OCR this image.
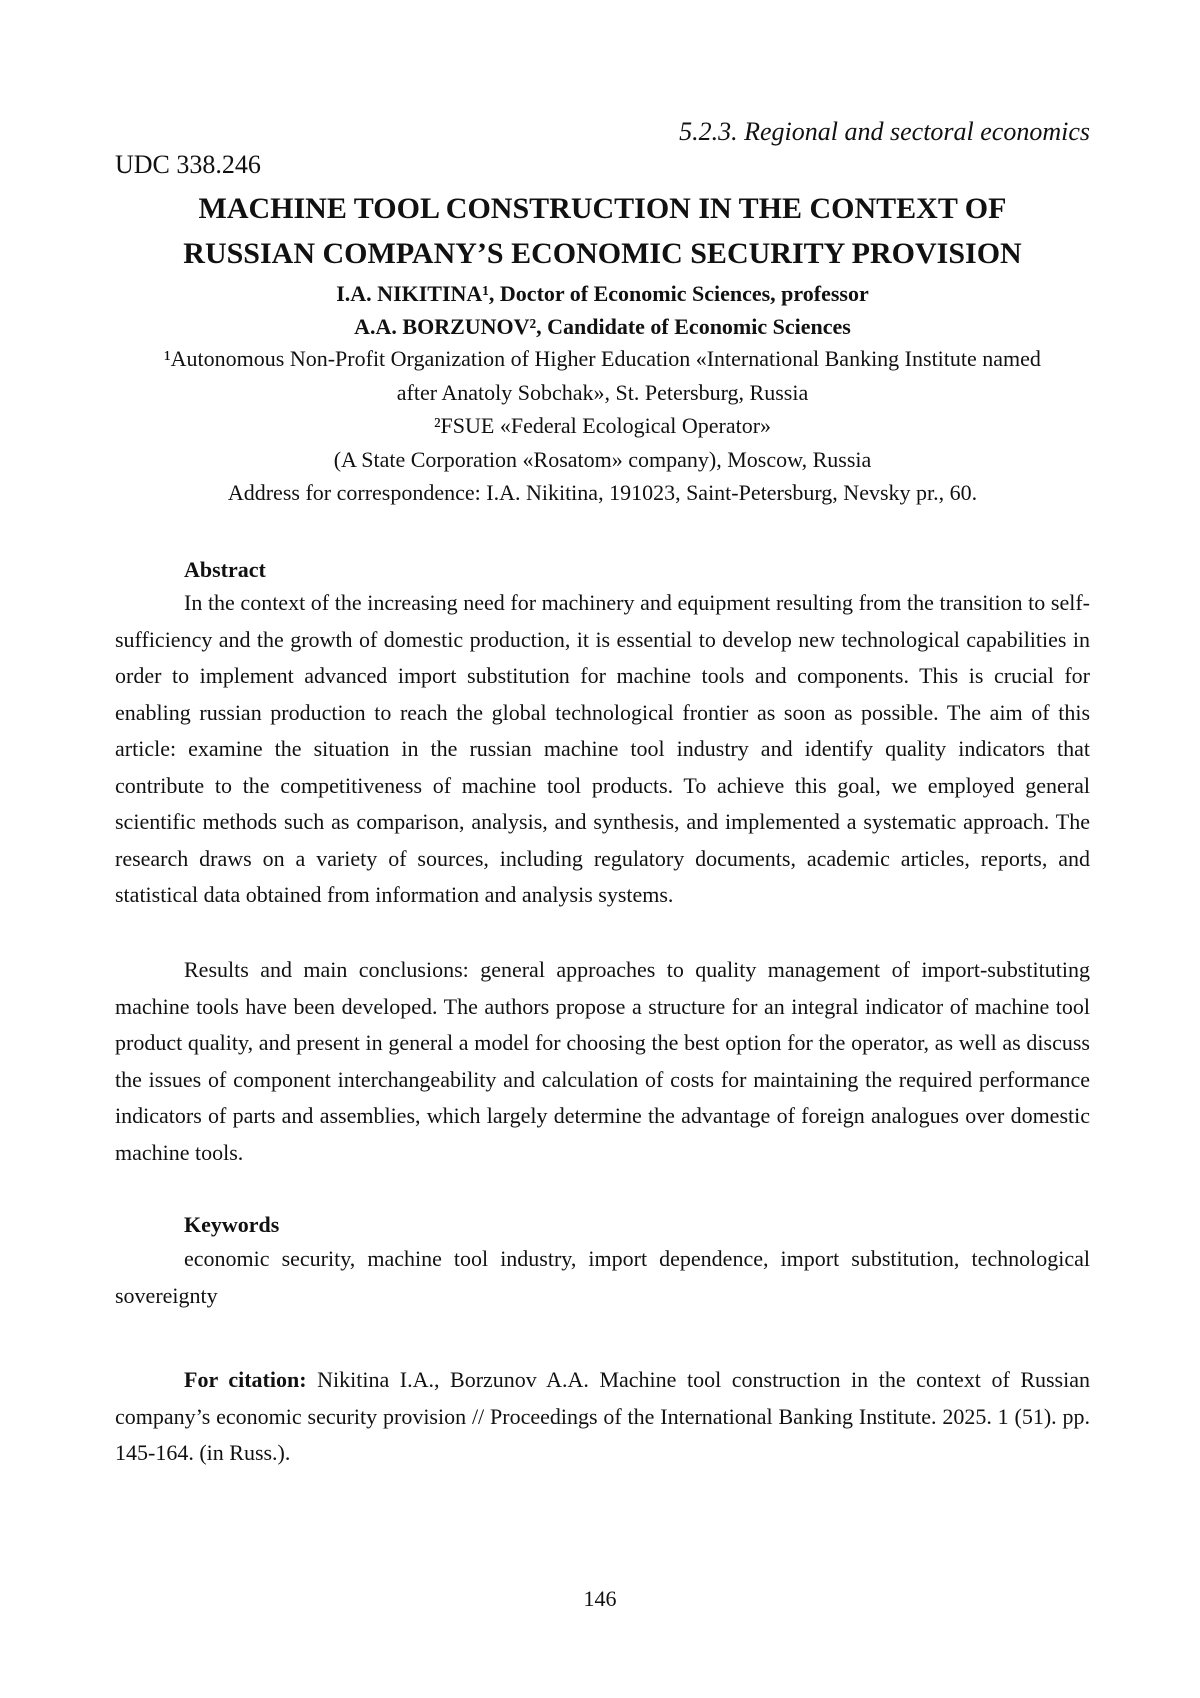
5.2.3. Regional and sectoral economics
UDC 338.246
MACHINE TOOL CONSTRUCTION IN THE CONTEXT OF
RUSSIAN COMPANY’S ECONOMIC SECURITY PROVISION
I.A. NIKITINA¹, Doctor of Economic Sciences, professor
A.A. BORZUNOV², Candidate of Economic Sciences
¹Autonomous Non-Profit Organization of Higher Education «International Banking Institute named
after Anatoly Sobchak», St. Petersburg, Russia
²FSUE «Federal Ecological Operator»
(A State Corporation «Rosatom» company), Moscow, Russia
Address for correspondence: I.A. Nikitina, 191023, Saint-Petersburg, Nevsky pr., 60.
Abstract

In the context of the increasing need for machinery and equipment resulting from the transition to self-sufficiency and the growth of domestic production, it is essential to develop new technological capabilities in order to implement advanced import substitution for machine tools and components. This is crucial for enabling russian production to reach the global technological frontier as soon as possible. The aim of this article: examine the situation in the russian machine tool industry and identify quality indicators that contribute to the competitiveness of machine tool products. To achieve this goal, we employed general scientific methods such as comparison, analysis, and synthesis, and implemented a systematic approach. The research draws on a variety of sources, including regulatory documents, academic articles, reports, and statistical data obtained from information and analysis systems.

Results and main conclusions: general approaches to quality management of import-substituting machine tools have been developed. The authors propose a structure for an integral indicator of machine tool product quality, and present in general a model for choosing the best option for the operator, as well as discuss the issues of component interchangeability and calculation of costs for maintaining the required performance indicators of parts and assemblies, which largely determine the advantage of foreign analogues over domestic machine tools.

Keywords

economic security, machine tool industry, import dependence, import substitution, technological sovereignty

For citation: Nikitina I.A., Borzunov A.A. Machine tool construction in the context of Russian company’s economic security provision // Proceedings of the International Banking Institute. 2025. 1 (51). pp. 145-164. (in Russ.).

146
